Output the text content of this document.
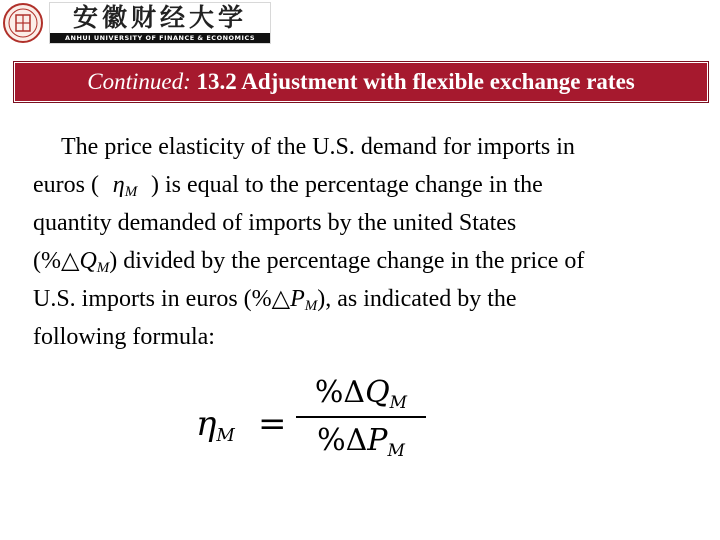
安徽财经大学
ANHUI UNIVERSITY OF FINANCE & ECONOMICS
Continued: 13.2 Adjustment with flexible exchange rates
The price elasticity of the U.S. demand for imports in
euros ( $\eta_M$ ) is equal to the percentage change in the
quantity demanded of imports by the united States
$(\%\triangle Q_M)$ divided by the percentage change in the price of
U.S. imports in euros $(\%\triangle P_M)$, as indicated by the
following formula:
$\eta_M$ =
$\%\Delta Q_M$
$\%\Delta P_M$
